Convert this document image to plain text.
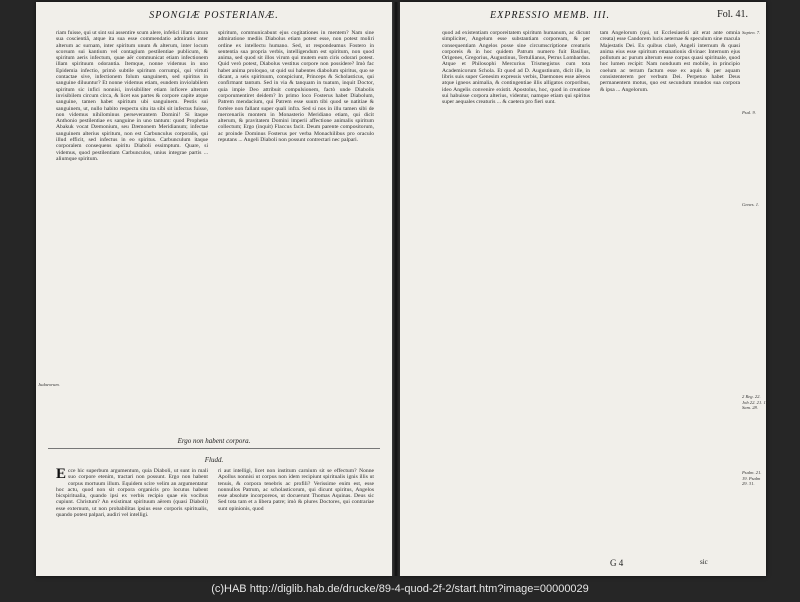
SPONGIÆ POSTERIANÆ.
riam fuisse, qui ut sint sui assentire scum alere, infelici illam natura sua coscientiâ, atque ita sua esse commendatio admiratis inter alterum ac surnam, inter spiritum unum & alterum, inter locum scorsum sui kantium vel contagium pestilentiae publicum, & spiritum aeris infectum, quae aër communicat etiam infectionem illam spirituum odorantia. Itemque, nonne videmus in uno Epidemia infectio, primò subtile spiritum corrumpi, qui virtuti contactae sive, infectionem folum sanguinem, sed spiritus in sanguine diluuntur? Et nonne videmus etiam, eundem inviolabilem spiritum sic infici nonnisi, invisibiliter etiam inficere alterum invisibilem circum circa, & licet eas partes & corpore capite atque sanguine, tamen habet spiritum ubi sanguinem. Pestis sui sanguinem, ut, nullo habito respectu situ ita sibi sit infectus fuisse, non videmus nihilominus perseverantem Domini! Si itaque Anthonio pestilentiae ex sanguine in uno tantum: quod Prophetia Abakuk vocat Dæmonium, seu Dæmonem Meridianum; infectae sanguinem alterius spiritum, non est Carbunculus corporalis, qui illud efficit, sed infectus in eo spiritus. Carbunculum itaque corporalem consequens spiritu Diaboli essimptum. Quare, si videmus, quod pestilentiam Carbunculos, unius integrae partis ... aliumque spiritum.
spiritum, communicabunt ejus cogitationes in mentem? Nam sine admiratione mediis Diabolus etiam potest esse, non potest moliri ordine ex intellectu humano. Sed, ut respondeamus Fostero in sententia sua propria verbis, intelligendum est spiritum, non quod anima, sed quod sit illos virum qui mutem eum ciris odorari potest. Quid verò potest, Diabolus vestitus corpore non possidere? Imò fac habet anima proloquo, ut quid sui habentes diabolum spiritus, quo se dicant, a seis spirituum, conspiciunt, Princeps & Scholasticus, qui confirmant tantum. Sed in via & tanquam in tuatum, inquit Doctor, quia impie Deo attribuit compulsionem, factò unde Diabolis corporumentiret deidem? In primo loco Fosterus habet Diabolum, Patrem mendacium, qui Patrem esse suum tibi quod se natitiae & fortère non fallant super quali infra. Sed si nos in illu tamen sibi de mercenariis montem in Monasterio Meridiano etiam, qui dicit alterum, & pravitatem Domini imperii affectione animalis spiritum collectum; Ergo (inquit) Flaccus facit. Deum parente compositorum, ac proinde Dominus Fosterus per verba Monachilibus pro oraculo reputans ... Angeli Diaboli non possunt contrectari nec palpari.
Judaeorum.
Ergo non habent corpora.
Fludd.
Ecce hic superbum argumentum, quia Diaboli, ut sunt in mali suo corpore etenim, tractari non possunt. Ergo non habent corpus mortuum illum. Equidem scire velim an argumentatur hoc actu, quod non sit corpora organicis pro locutus habent bicspiritualia, quando ipsi ex verbis recipio quae eis vocibus cupiunt. Christum? An existimat spirituum aërem (quasi Diaboli) esse externum, ut non probabilitas ipsius esse corporis spiritualis, quando potest palpari, audiri vel intelligi.
ri aut intelligi, licet non institum carnium sit se effectum? Nonne Apollus nonnisi ut corpus non idem recipiunt spiritualis ignis illis ut tenuis, & corpora tenebris ac profili? Verissime enim est, esse nonnullos Patrum, ac scholasticorum, qui dicunt spiritus, Angelos esse absolute incorporeos, ut docuerunt Thomas Aquinas. Deus sic Sed tota tam et a libera patre; imò & plures Doctores, qui contrariae sunt opinionis, quod
EXPRESSIO MEMB. III.	Fol. 41.
quod ad existentiam corporeitatem spiritum humanum, ac dicunt simpliciter, Angelum esse substantiam corpoream, & per consequentiam Angelos posse sine circumscriptione creaturis corporeis & in hoc quidem Patrum numero fuit Basilius, Origenes, Gregorius, Augustinus, Tertullianus, Petrus Lombardus. Atque et Philosophi Mercurius Trismegistus cum tota Academicorum Schola. Et quod ad D. Augustinum, dicit ille, in libris suis super Genesim expressis verbis, Daemones esse aëreos atque igneos animalia, & contingentiae illis alligatos corporibus, ideo Angelis convenire existit. Apostolus, hoc, quod in creatione sui habuisse corpora alterius, videntur, namque etiam qui spiritus super aequales creaturis ... & caetera pro fieri sunt.
tam Angelorum (qui, ut Ecclesiastici ait erat ante omnia creata) esse Candorem lucis aeternae & speculum sine macula Majestatis Dei. Ex quibus clarè, Angeli internum & quasi anima eius esse spiritum emanationis divinae: Internum ejus pollutum ac purum alterum esse corpus quasi spirituale, quod hoc lumen recipit: Nam nonduum est mobile, in principio coelum ac terram factum esse ex aquis & per aquam consistenterem per verbum Dei. Perpetuo habet Deus permanentem motus, quo est secundum mundos sua corpora & ipsa ... Angelorum.
Sapien. 7.
Psal. 9.
Genes. 1.
2 Reg. 22. Job 22. 21. 1 Sam. 28.
Psalm. 21. 19. Psalm 29. 31.
G 4	sic
(c)HAB http://diglib.hab.de/drucke/89-4-quod-2f-2/start.htm?image=00000029
